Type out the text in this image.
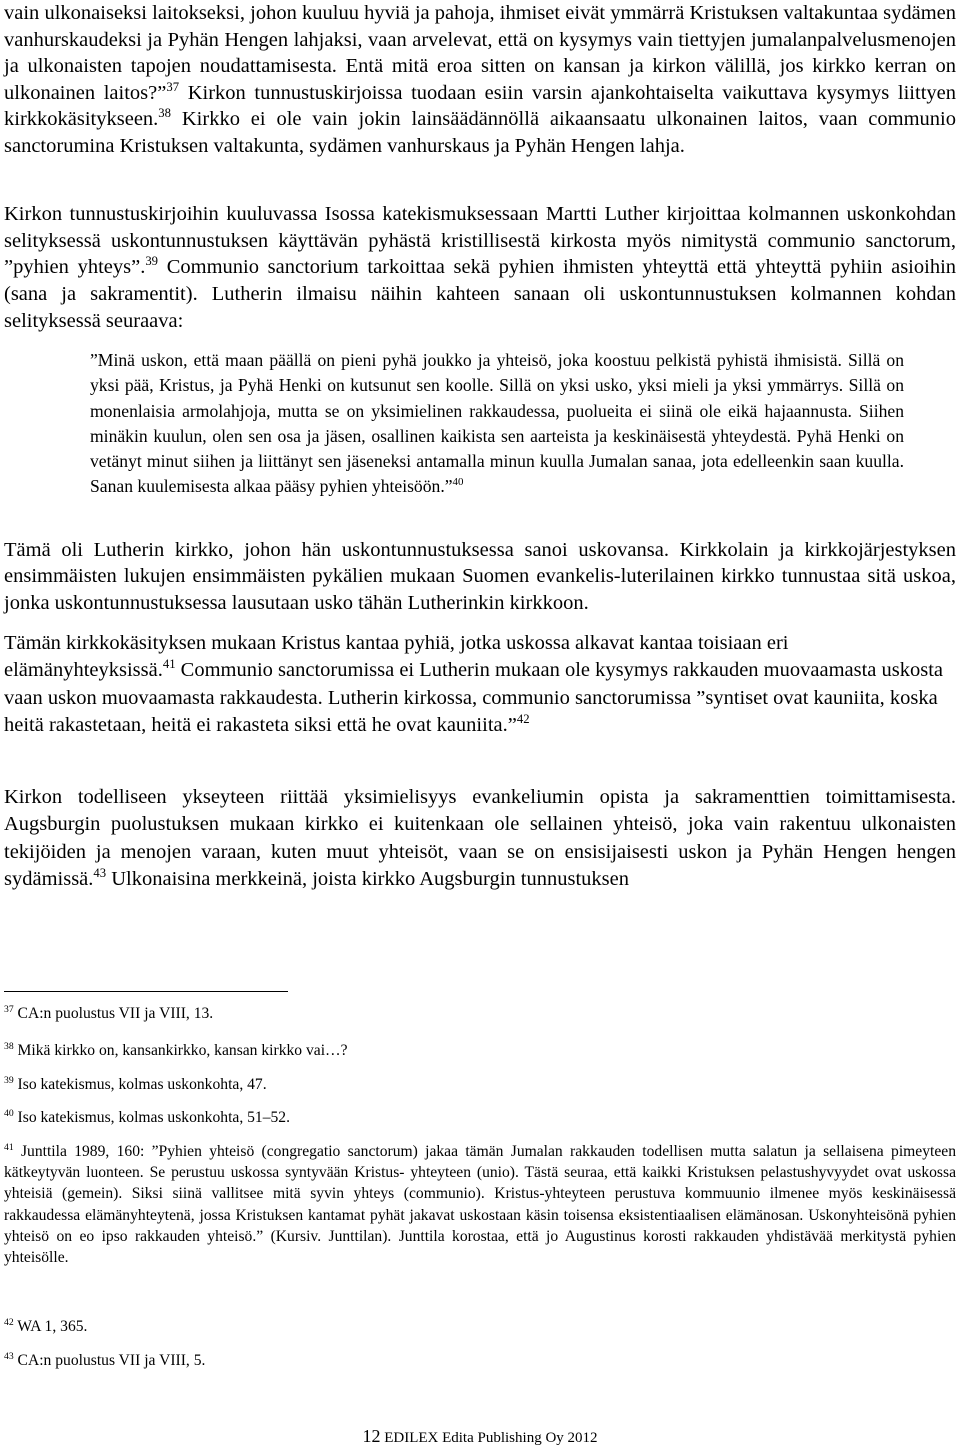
vain ulkonaiseksi laitokseksi, johon kuuluu hyviä ja pahoja, ihmiset eivät ymmärrä Kristuksen valtakuntaa sydämen vanhurskaudeksi ja Pyhän Hengen lahjaksi, vaan arvelevat, että on kysymys vain tiettyjen jumalanpalvelusmenojen ja ulkonaisten tapojen noudattamisesta. Entä mitä eroa sitten on kansan ja kirkon välillä, jos kirkko kerran on ulkonainen laitos?”$^{37}$ Kirkon tunnustuskirjoissa tuodaan esiin varsin ajankohtaiselta vaikuttava kysymys liittyen kirkkokäsitykseen.$^{38}$ Kirkko ei ole vain jokin lainsäädännöllä aikaansaatu ulkonainen laitos, vaan communio sanctorumina Kristuksen valtakunta, sydämen vanhurskaus ja Pyhän Hengen lahja.

Kirkon tunnustuskirjoihin kuuluvassa Isossa katekismuksessaan Martti Luther kirjoittaa kolmannen uskonkohdan selityksessä uskontunnustuksen käyttävän pyhästä kristillisestä kirkosta myös nimitystä communio sanctorum, ”pyhien yhteys”.$^{39}$ Communio sanctorium tarkoittaa sekä pyhien ihmisten yhteyttä että yhteyttä pyhiin asioihin (sana ja sakramentit). Lutherin ilmaisu näihin kahteen sanaan oli uskontunnustuksen kolmannen kohdan selityksessä seuraava:

”Minä uskon, että maan päällä on pieni pyhä joukko ja yhteisö, joka koostuu pelkistä pyhistä ihmisistä. Sillä on yksi pää, Kristus, ja Pyhä Henki on kutsunut sen koolle. Sillä on yksi usko, yksi mieli ja yksi ymmärrys. Sillä on monenlaisia armolahjoja, mutta se on yksimielinen rakkaudessa, puolueita ei siinä ole eikä hajaannusta. Siihen minäkin kuulun, olen sen osa ja jäsen, osallinen kaikista sen aarteista ja keskinäisestä yhteydestä. Pyhä Henki on vetänyt minut siihen ja liittänyt sen jäseneksi antamalla minun kuulla Jumalan sanaa, jota edelleenkin saan kuulla. Sanan kuulemisesta alkaa pääsy pyhien yhteisöön.”$^{40}$

Tämä oli Lutherin kirkko, johon hän uskontunnustuksessa sanoi uskovansa. Kirkkolain ja kirkkojärjestyksen ensimmäisten lukujen ensimmäisten pykälien mukaan Suomen evankelis-luterilainen kirkko tunnustaa sitä uskoa, jonka uskontunnustuksessa lausutaan usko tähän Lutherinkin kirkkoon.

Tämän kirkkokäsityksen mukaan Kristus kantaa pyhiä, jotka uskossa alkavat kantaa toisiaan eri elämänyhteyksissä.$^{41}$ Communio sanctorumissa ei Lutherin mukaan ole kysymys rakkauden muovaamasta uskosta vaan uskon muovaamasta rakkaudesta. Lutherin kirkossa, communio sanctorumissa ”syntiset ovat kauniita, koska heitä rakastetaan, heitä ei rakasteta siksi että he ovat kauniita.”$^{42}$

Kirkon todelliseen ykseyteen riittää yksimielisyys evankeliumin opista ja sakramenttien toimittamisesta. Augsburgin puolustuksen mukaan kirkko ei kuitenkaan ole sellainen yhteisö, joka vain rakentuu ulkonaisten tekijöiden ja menojen varaan, kuten muut yhteisöt, vaan se on ensisijaisesti uskon ja Pyhän Hengen hengen sydämissä.$^{43}$ Ulkonaisina merkkeinä, joista kirkko Augsburgin tunnustuksen

$^{37}$ CA:n puolustus VII ja VIII, 13.

$^{38}$ Mikä kirkko on, kansankirkko, kansan kirkko vai…?

$^{39}$ Iso katekismus, kolmas uskonkohta, 47.

$^{40}$ Iso katekismus, kolmas uskonkohta, 51–52.

$^{41}$ Junttila 1989, 160: ”Pyhien yhteisö (congregatio sanctorum) jakaa tämän Jumalan rakkauden todellisen mutta salatun ja sellaisena pimeyteen kätkeytyvän luonteen. Se perustuu uskossa syntyvään Kristus- yhteyteen (unio). Tästä seuraa, että kaikki Kristuksen pelastushyvyydet ovat uskossa yhteisiä (gemein). Siksi siinä vallitsee mitä syvin yhteys (communio). Kristus-yhteyteen perustuva kommuunio ilmenee myös keskinäisessä rakkaudessa elämänyhteytenä, jossa Kristuksen kantamat pyhät jakavat uskostaan käsin toisensa eksistentiaalisen elämänosan. Uskonyhteisönä pyhien yhteisö on eo ipso rakkauden yhteisö.” (Kursiv. Junttilan). Junttila korostaa, että jo Augustinus korosti rakkauden yhdistävää merkitystä pyhien yhteisölle.

$^{42}$ WA 1, 365.

$^{43}$ CA:n puolustus VII ja VIII, 5.

12 EDILEX Edita Publishing Oy 2012
